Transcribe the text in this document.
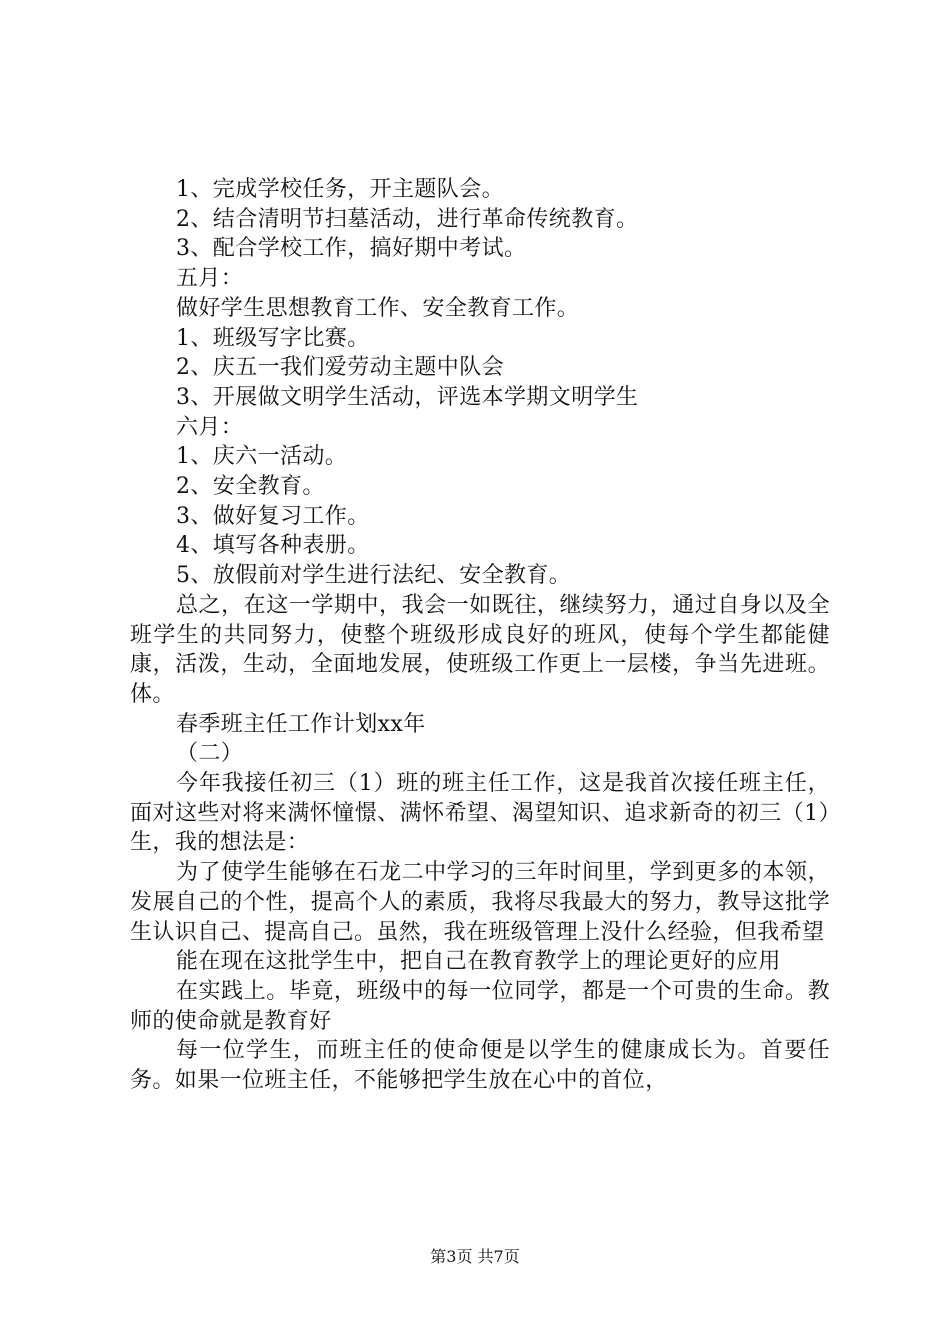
1、完成学校任务，开主题队会。

2、结合清明节扫墓活动，进行革命传统教育。

3、配合学校工作，搞好期中考试。

五月：

做好学生思想教育工作、安全教育工作。

1、班级写字比赛。

2、庆五一我们爱劳动主题中队会

3、开展做文明学生活动，评选本学期文明学生

六月：

1、庆六一活动。

2、安全教育。

3、做好复习工作。

4、填写各种表册。

5、放假前对学生进行法纪、安全教育。

总之，在这一学期中，我会一如既往，继续努力，通过自身以及全班学生的共同努力，使整个班级形成良好的班风，使每个学生都能健康，活泼，生动，全面地发展，使班级工作更上一层楼，争当先进班。体。

春季班主任工作计划xx年

（二）

今年我接任初三（1）班的班主任工作，这是我首次接任班主任，面对这些对将来满怀憧憬、满怀希望、渴望知识、追求新奇的初三（1）生，我的想法是：

为了使学生能够在石龙二中学习的三年时间里，学到更多的本领，发展自己的个性，提高个人的素质，我将尽我最大的努力，教导这批学生认识自己、提高自己。虽然，我在班级管理上没什么经验，但我希望

能在现在这批学生中，把自己在教育教学上的理论更好的应用

在实践上。毕竟，班级中的每一位同学，都是一个可贵的生命。教师的使命就是教育好

每一位学生，而班主任的使命便是以学生的健康成长为。首要任务。如果一位班主任，不能够把学生放在心中的首位，

第3页 共7页
